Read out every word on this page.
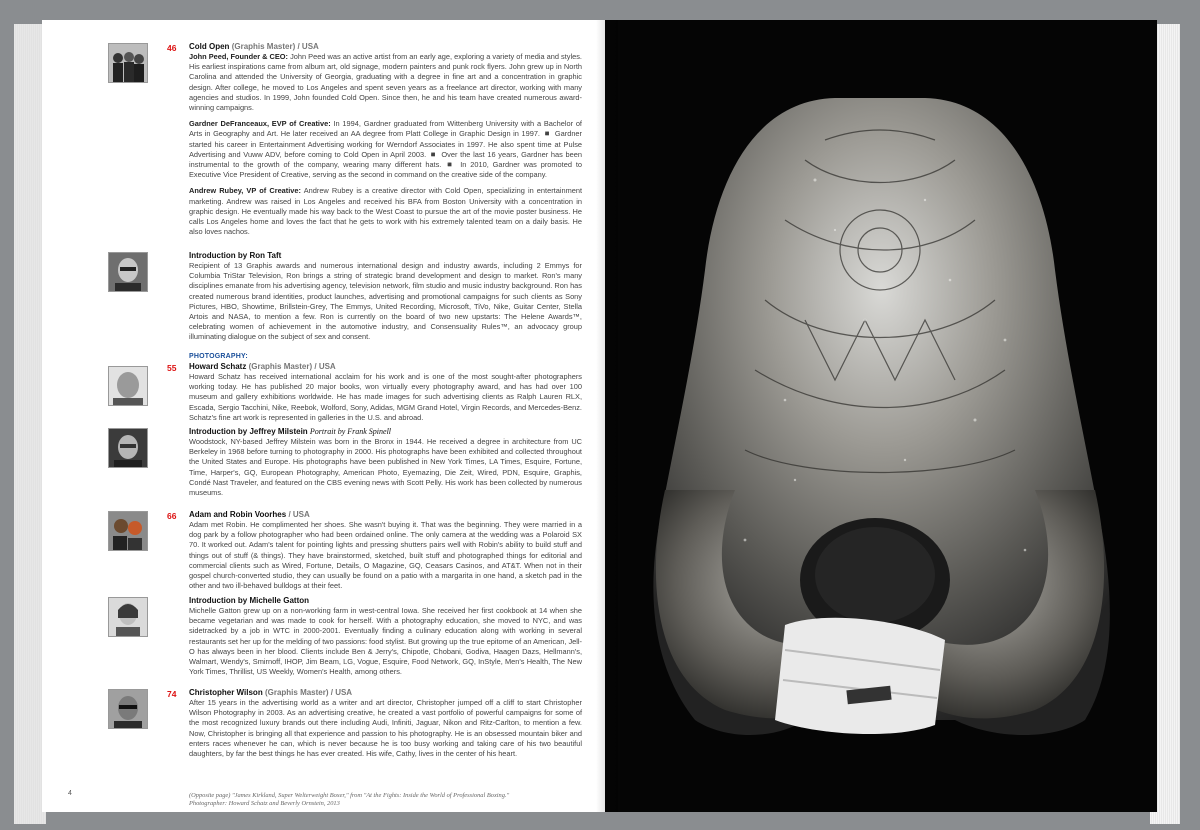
46 Cold Open (Graphis Master) / USA

John Peed, Founder & CEO: John Peed was an active artist from an early age, exploring a variety of media and styles. His earliest inspirations came from album art, old signage, modern painters and punk rock flyers. John grew up in North Carolina and attended the University of Georgia, graduating with a degree in fine art and a concentration in graphic design. After college, he moved to Los Angeles and spent seven years as a freelance art director, working with many agencies and studios. In 1999, John founded Cold Open. Since then, he and his team have created numerous award-winning campaigns.

Gardner DeFranceaux, EVP of Creative: In 1994, Gardner graduated from Wittenberg University with a Bachelor of Arts in Geography and Art. He later received an AA degree from Platt College in Graphic Design in 1997. ◾ Gardner started his career in Entertainment Advertising working for Werndorf Associates in 1997. He also spent time at Pulse Advertising and Vuww ADV, before coming to Cold Open in April 2003. ◾ Over the last 16 years, Gardner has been instrumental to the growth of the company, wearing many different hats. ◾ In 2010, Gardner was promoted to Executive Vice President of Creative, serving as the second in command on the creative side of the company.

Andrew Rubey, VP of Creative: Andrew Rubey is a creative director with Cold Open, specializing in entertainment marketing. Andrew was raised in Los Angeles and received his BFA from Boston University with a concentration in graphic design. He eventually made his way back to the West Coast to pursue the art of the movie poster business. He calls Los Angeles home and loves the fact that he gets to work with his extremely talented team on a daily basis. He also loves nachos.

Introduction by Ron Taft

Recipient of 13 Graphis awards and numerous international design and industry awards, including 2 Emmys for Columbia TriStar Television, Ron brings a string of strategic brand development and design to market. Ron's many disciplines emanate from his advertising agency, television network, film studio and music industry background. Ron has created numerous brand identities, product launches, advertising and promotional campaigns for such clients as Sony Pictures, HBO, Showtime, Brillstein-Grey, The Emmys, United Recording, Microsoft, TiVo, Nike, Guitar Center, Stella Artois and NASA, to mention a few. Ron is currently on the board of two new upstarts: The Helene Awards™, celebrating women of achievement in the automotive industry, and Consensuality Rules™, an advocacy group illuminating dialogue on the subject of sex and consent.

PHOTOGRAPHY:
55 Howard Schatz (Graphis Master) / USA

Howard Schatz has received international acclaim for his work and is one of the most sought-after photographers working today. He has published 20 major books, won virtually every photography award, and has had over 100 museum and gallery exhibitions worldwide. He has made images for such advertising clients as Ralph Lauren RLX, Escada, Sergio Tacchini, Nike, Reebok, Wolford, Sony, Adidas, MGM Grand Hotel, Virgin Records, and Mercedes-Benz. Schatz's fine art work is represented in galleries in the U.S. and abroad.

Introduction by Jeffrey Milstein Portrait by Frank Spinell

Woodstock, NY-based Jeffrey Milstein was born in the Bronx in 1944. He received a degree in architecture from UC Berkeley in 1968 before turning to photography in 2000. His photographs have been exhibited and collected throughout the United States and Europe. His photographs have been published in New York Times, LA Times, Esquire, Fortune, Time, Harper's, GQ, European Photography, American Photo, Eyemazing, Die Zeit, Wired, PDN, Esquire, Graphis, Condé Nast Traveler, and featured on the CBS evening news with Scott Pelly. His work has been collected by numerous museums.

66 Adam and Robin Voorhes / USA

Adam met Robin. He complimented her shoes. She wasn't buying it. That was the beginning. They were married in a dog park by a follow photographer who had been ordained online. The only camera at the wedding was a Polaroid SX 70. It worked out. Adam's talent for pointing lights and pressing shutters pairs well with Robin's ability to build stuff and things out of stuff (& things). They have brainstormed, sketched, built stuff and photographed things for editorial and commercial clients such as Wired, Fortune, Details, O Magazine, GQ, Ceasars Casinos, and AT&T. When not in their gospel church-converted studio, they can usually be found on a patio with a margarita in one hand, a sketch pad in the other and two ill-behaved bulldogs at their feet.

Introduction by Michelle Gatton

Michelle Gatton grew up on a non-working farm in west-central Iowa. She received her first cookbook at 14 when she became vegetarian and was made to cook for herself. With a photography education, she moved to NYC, and was sidetracked by a job in WTC in 2000-2001. Eventually finding a culinary education along with working in several restaurants set her up for the melding of two passions: food stylist. But growing up the true epitome of an American, Jell-O has always been in her blood. Clients include Ben & Jerry's, Chipotle, Chobani, Godiva, Haagen Dazs, Hellmann's, Walmart, Wendy's, Smirnoff, IHOP, Jim Beam, LG, Vogue, Esquire, Food Network, GQ, InStyle, Men's Health, The New York Times, Thrillist, US Weekly, Women's Health, among others.

74 Christopher Wilson (Graphis Master) / USA

After 15 years in the advertising world as a writer and art director, Christopher jumped off a cliff to start Christopher Wilson Photography in 2003. As an advertising creative, he created a vast portfolio of powerful campaigns for some of the most recognized luxury brands out there including Audi, Infiniti, Jaguar, Nikon and Ritz-Carlton, to mention a few. Now, Christopher is bringing all that experience and passion to his photography. He is an obsessed mountain biker and enters races whenever he can, which is never because he is too busy working and taking care of his two beautiful daughters, by far the best things he has ever created. His wife, Cathy, lives in the center of his heart.

(Opposite page) "James Kirkland, Super Welterweight Boxer," from "At the Fights: Inside the World of Professional Boxing."
Photographer: Howard Schatz and Beverly Ornstein, 2013
4
